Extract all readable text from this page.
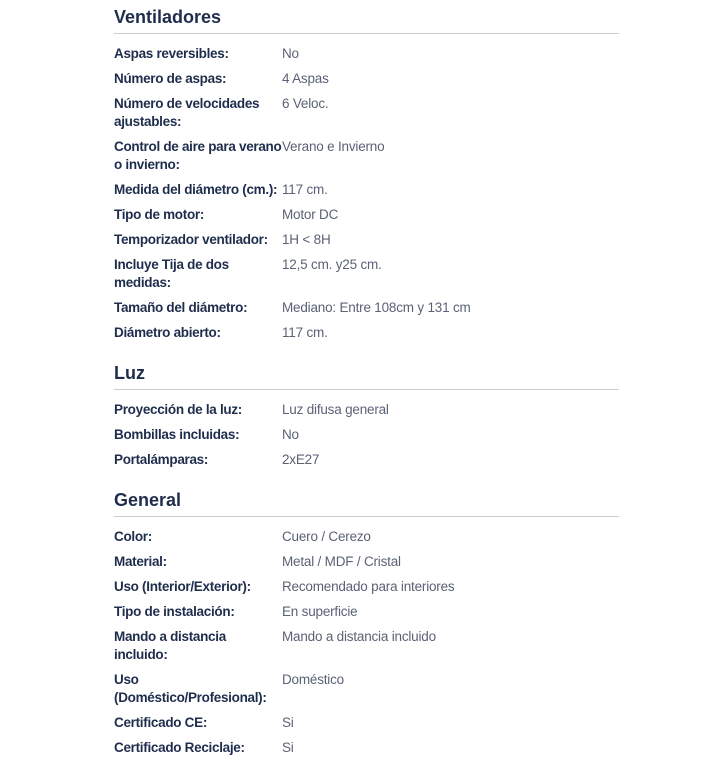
Ventiladores
Aspas reversibles:	No
Número de aspas:	4 Aspas
Número de velocidades ajustables:
6 Veloc.
Control de aire para verano o invierno:
Verano e Invierno
Medida del diámetro (cm.): 117 cm.
Tipo de motor:	Motor DC
Temporizador ventilador:	1H < 8H
Incluye Tija de dos medidas:
12,5 cm. y25 cm.
Tamaño del diámetro:	Mediano: Entre 108cm y 131 cm
Diámetro abierto:	117 cm.
Luz
Proyección de la luz:	Luz difusa general
Bombillas incluidas:	No
Portalámparas:	2xE27
General
Color:	Cuero / Cerezo
Material:	Metal / MDF / Cristal
Uso (Interior/Exterior):	Recomendado para interiores
Tipo de instalación:	En superficie
Mando a distancia incluido:
Mando a distancia incluido
Uso (Doméstico/Profesional):
Doméstico
Certificado CE:	Si
Certificado Reciclaje:	Si
